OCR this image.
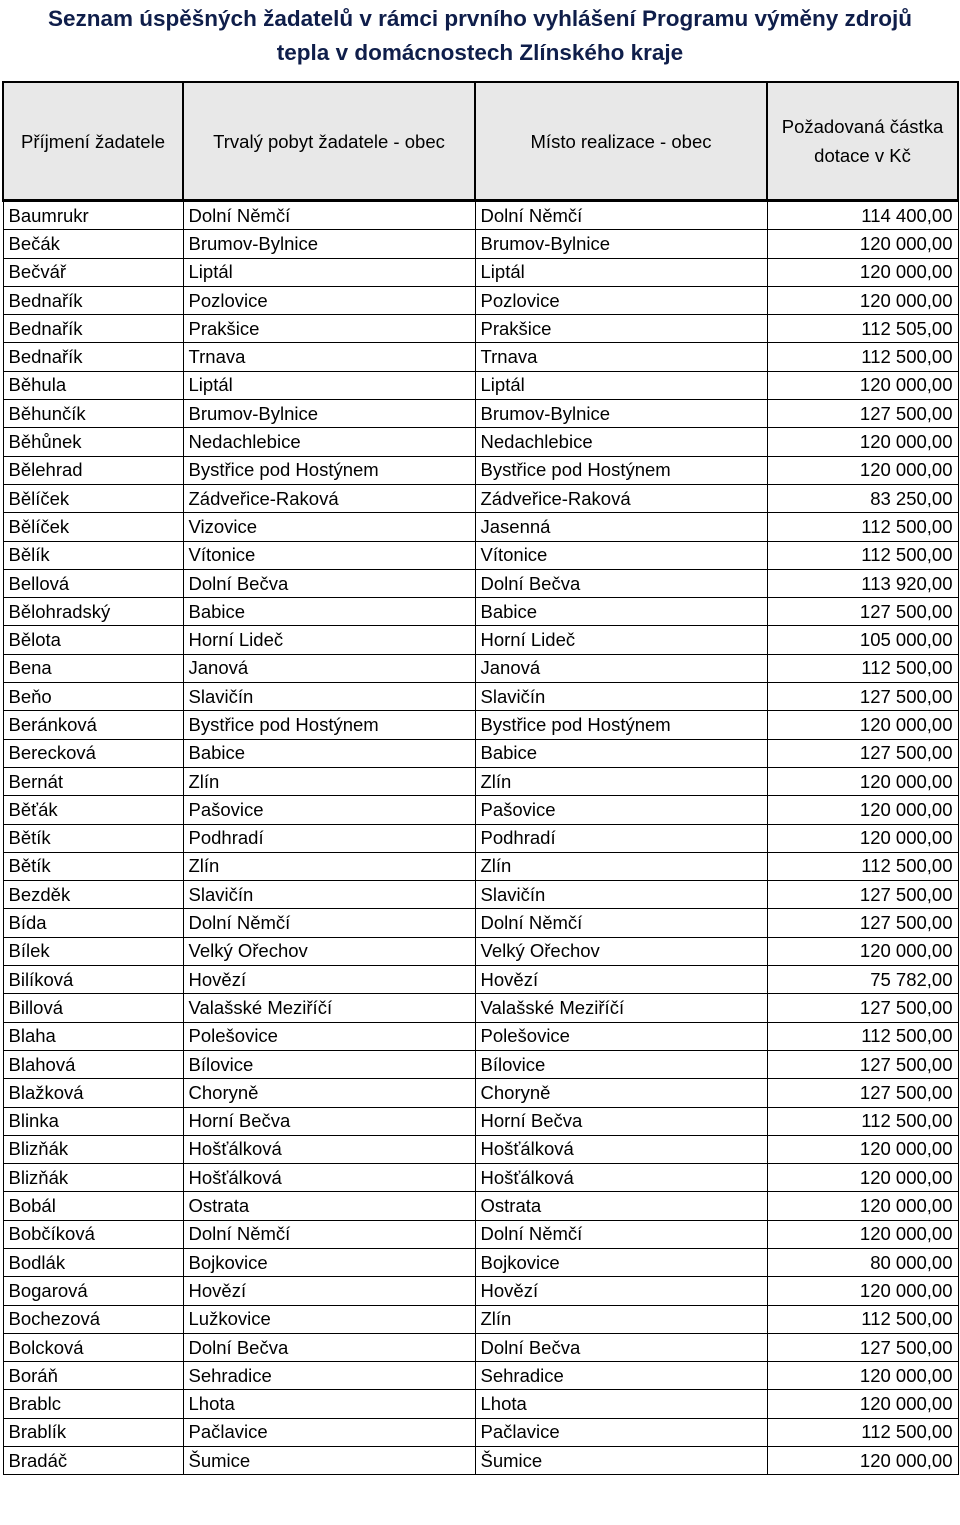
Seznam úspěšných žadatelů v rámci prvního vyhlášení Programu výměny zdrojů
tepla v domácnostech Zlínského kraje
Příjmení žadatele	Trvalý pobyt žadatele - obec	Místo realizace - obec	Požadovaná částka dotace v Kč
Baumrukr	Dolní Němčí	Dolní Němčí	114 400,00
Bečák	Brumov-Bylnice	Brumov-Bylnice	120 000,00
Bečvář	Liptál	Liptál	120 000,00
Bednařík	Pozlovice	Pozlovice	120 000,00
Bednařík	Prakšice	Prakšice	112 505,00
Bednařík	Trnava	Trnava	112 500,00
Běhula	Liptál	Liptál	120 000,00
Běhunčík	Brumov-Bylnice	Brumov-Bylnice	127 500,00
Běhůnek	Nedachlebice	Nedachlebice	120 000,00
Bělehrad	Bystřice pod Hostýnem	Bystřice pod Hostýnem	120 000,00
Bělíček	Zádveřice-Raková	Zádveřice-Raková	83 250,00
Bělíček	Vizovice	Jasenná	112 500,00
Bělík	Vítonice	Vítonice	112 500,00
Bellová	Dolní Bečva	Dolní Bečva	113 920,00
Bělohradský	Babice	Babice	127 500,00
Bělota	Horní Lideč	Horní Lideč	105 000,00
Bena	Janová	Janová	112 500,00
Beňo	Slavičín	Slavičín	127 500,00
Beránková	Bystřice pod Hostýnem	Bystřice pod Hostýnem	120 000,00
Berecková	Babice	Babice	127 500,00
Bernát	Zlín	Zlín	120 000,00
Běťák	Pašovice	Pašovice	120 000,00
Bětík	Podhradí	Podhradí	120 000,00
Bětík	Zlín	Zlín	112 500,00
Bezděk	Slavičín	Slavičín	127 500,00
Bída	Dolní Němčí	Dolní Němčí	127 500,00
Bílek	Velký Ořechov	Velký Ořechov	120 000,00
Bilíková	Hovězí	Hovězí	75 782,00
Billová	Valašské Meziříčí	Valašské Meziříčí	127 500,00
Blaha	Polešovice	Polešovice	112 500,00
Blahová	Bílovice	Bílovice	127 500,00
Blažková	Choryně	Choryně	127 500,00
Blinka	Horní Bečva	Horní Bečva	112 500,00
Blizňák	Hošťálková	Hošťálková	120 000,00
Blizňák	Hošťálková	Hošťálková	120 000,00
Bobál	Ostrata	Ostrata	120 000,00
Bobčíková	Dolní Němčí	Dolní Němčí	120 000,00
Bodlák	Bojkovice	Bojkovice	80 000,00
Bogarová	Hovězí	Hovězí	120 000,00
Bochezová	Lužkovice	Zlín	112 500,00
Bolcková	Dolní Bečva	Dolní Bečva	127 500,00
Boráň	Sehradice	Sehradice	120 000,00
Brablc	Lhota	Lhota	120 000,00
Brablík	Pačlavice	Pačlavice	112 500,00
Bradáč	Šumice	Šumice	120 000,00
